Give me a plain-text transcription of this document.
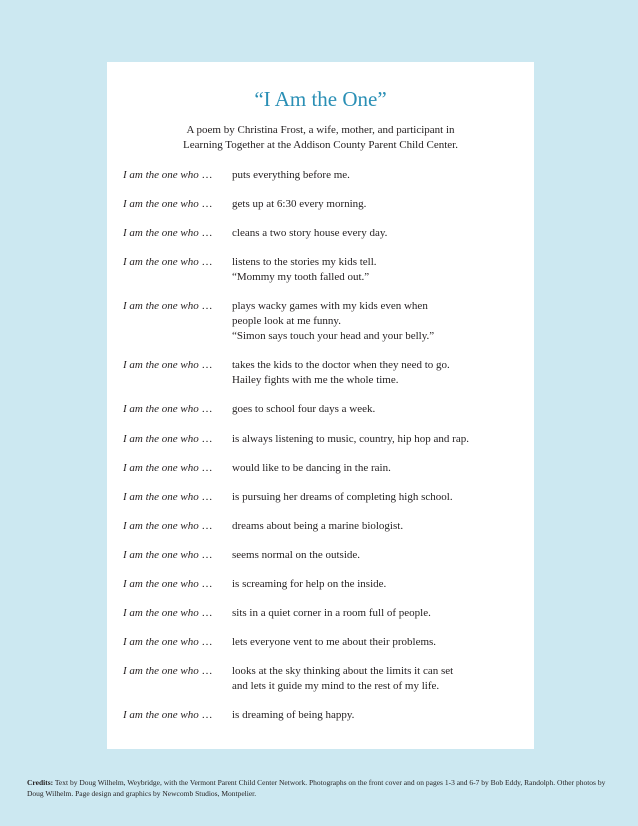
“I Am the One”
A poem by Christina Frost, a wife, mother, and participant in
Learning Together at the Addison County Parent Child Center.
I am the one who …	puts everything before me.
I am the one who …	gets up at 6:30 every morning.
I am the one who …	cleans a two story house every day.
I am the one who …	listens to the stories my kids tell.
“Mommy my tooth falled out.”
I am the one who …	plays wacky games with my kids even when
people look at me funny.
“Simon says touch your head and your belly.”
I am the one who …	takes the kids to the doctor when they need to go.
Hailey fights with me the whole time.
I am the one who …	goes to school four days a week.
I am the one who …	is always listening to music, country, hip hop and rap.
I am the one who …	would like to be dancing in the rain.
I am the one who …	is pursuing her dreams of completing high school.
I am the one who …	dreams about being a marine biologist.
I am the one who …	seems normal on the outside.
I am the one who …	is screaming for help on the inside.
I am the one who …	sits in a quiet corner in a room full of people.
I am the one who …	lets everyone vent to me about their problems.
I am the one who …	looks at the sky thinking about the limits it can set
and lets it guide my mind to the rest of my life.
I am the one who …	is dreaming of being happy.
Credits: Text by Doug Wilhelm, Weybridge, with the Vermont Parent Child Center Network. Photographs on the front cover and on pages 1-3 and 6-7 by Bob Eddy, Randolph. Other photos by Doug Wilhelm. Page design and graphics by Newcomb Studios, Montpelier.
